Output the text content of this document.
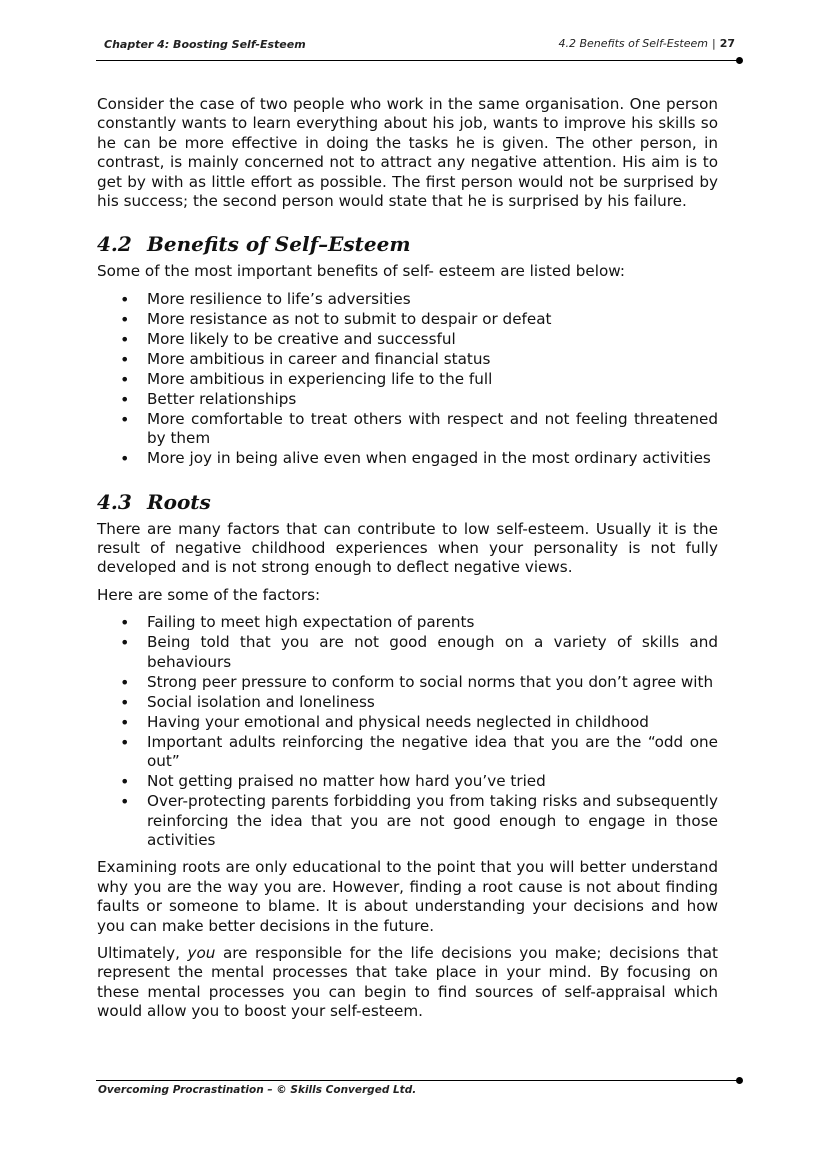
Chapter 4: Boosting Self-Esteem	4.2 Benefits of Self-Esteem | 27

Consider the case of two people who work in the same organisation. One person constantly wants to learn everything about his job, wants to improve his skills so he can be more effective in doing the tasks he is given. The other person, in contrast, is mainly concerned not to attract any negative attention. His aim is to get by with as little effort as possible. The first person would not be surprised by his success; the second person would state that he is surprised by his failure.

4.2 Benefits of Self–Esteem

Some of the most important benefits of self- esteem are listed below:

• More resilience to life’s adversities
• More resistance as not to submit to despair or defeat
• More likely to be creative and successful
• More ambitious in career and financial status
• More ambitious in experiencing life to the full
• Better relationships
• More comfortable to treat others with respect and not feeling threatened by them
• More joy in being alive even when engaged in the most ordinary activities
4.3 Roots

There are many factors that can contribute to low self-esteem. Usually it is the result of negative childhood experiences when your personality is not fully developed and is not strong enough to deflect negative views.

Here are some of the factors:

• Failing to meet high expectation of parents
• Being told that you are not good enough on a variety of skills and behaviours
• Strong peer pressure to conform to social norms that you don’t agree with
• Social isolation and loneliness
• Having your emotional and physical needs neglected in childhood
• Important adults reinforcing the negative idea that you are the “odd one out”
• Not getting praised no matter how hard you’ve tried
• Over-protecting parents forbidding you from taking risks and subsequently reinforcing the idea that you are not good enough to engage in those activities

Examining roots are only educational to the point that you will better understand why you are the way you are. However, finding a root cause is not about finding faults or someone to blame. It is about understanding your decisions and how you can make better decisions in the future.

Ultimately, you are responsible for the life decisions you make; decisions that represent the mental processes that take place in your mind. By focusing on these mental processes you can begin to find sources of self-appraisal which would allow you to boost your self-esteem.

Overcoming Procrastination – © Skills Converged Ltd.
